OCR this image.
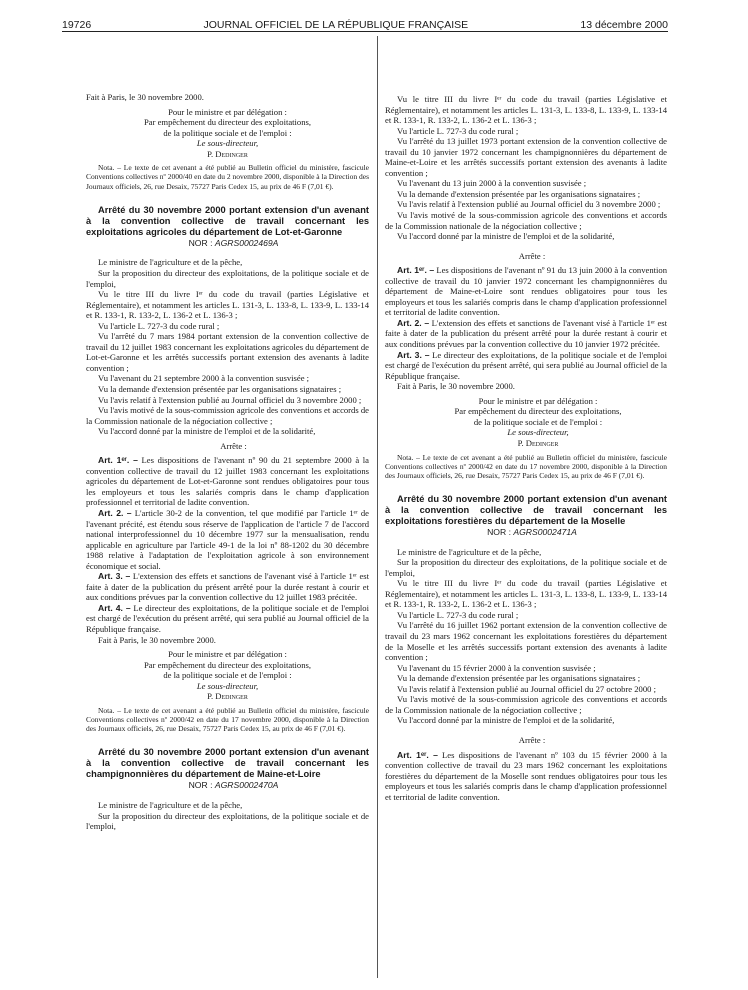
19726	JOURNAL OFFICIEL DE LA RÉPUBLIQUE FRANÇAISE	13 décembre 2000

Fait à Paris, le 30 novembre 2000.

Pour le ministre et par délégation :

Par empêchement du directeur des exploitations,

de la politique sociale et de l'emploi :

Le sous-directeur,

P. Dedinger

Nota. – Le texte de cet avenant a été publié au Bulletin officiel du ministère, fascicule Conventions collectives nº 2000/40 en date du 2 novembre 2000, disponible à la Direction des Journaux officiels, 26, rue Desaix, 75727 Paris Cedex 15, au prix de 46 F (7,01 €).

Arrêté du 30 novembre 2000 portant extension d'un avenant à la convention collective de travail concernant les exploitations agricoles du département de Lot-et-Garonne

NOR : AGRS0002469A

Le ministre de l'agriculture et de la pêche,

Sur la proposition du directeur des exploitations, de la politique sociale et de l'emploi,

Vu le titre III du livre Iᵉʳ du code du travail (parties Législative et Réglementaire), et notamment les articles L. 131-3, L. 133-8, L. 133-9, L. 133-14 et R. 133-1, R. 133-2, L. 136-2 et L. 136-3 ;

Vu l'article L. 727-3 du code rural ;

Vu l'arrêté du 7 mars 1984 portant extension de la convention collective de travail du 12 juillet 1983 concernant les exploitations agricoles du département de Lot-et-Garonne et les arrêtés successifs portant extension des avenants à ladite convention ;

Vu l'avenant du 21 septembre 2000 à la convention susvisée ;

Vu la demande d'extension présentée par les organisations signataires ;

Vu l'avis relatif à l'extension publié au Journal officiel du 3 novembre 2000 ;

Vu l'avis motivé de la sous-commission agricole des conventions et accords de la Commission nationale de la négociation collective ;

Vu l'accord donné par la ministre de l'emploi et de la solidarité,

Arrête :

Art. 1ᵉʳ. – Les dispositions de l'avenant nº 90 du 21 septembre 2000 à la convention collective de travail du 12 juillet 1983 concernant les exploitations agricoles du département de Lot-et-Garonne sont rendues obligatoires pour tous les employeurs et tous les salariés compris dans le champ d'application professionnel et territorial de ladite convention.

Art. 2. – L'article 30-2 de la convention, tel que modifié par l'article 1ᵉʳ de l'avenant précité, est étendu sous réserve de l'application de l'article 7 de l'accord national interprofessionnel du 10 décembre 1977 sur la mensualisation, rendu applicable en agriculture par l'article 49-1 de la loi nº 88-1202 du 30 décembre 1988 relative à l'adaptation de l'exploitation agricole à son environnement économique et social.

Art. 3. – L'extension des effets et sanctions de l'avenant visé à l'article 1ᵉʳ est faite à dater de la publication du présent arrêté pour la durée restant à courir et aux conditions prévues par la convention collective du 12 juillet 1983 précitée.

Art. 4. – Le directeur des exploitations, de la politique sociale et de l'emploi est chargé de l'exécution du présent arrêté, qui sera publié au Journal officiel de la République française.

Fait à Paris, le 30 novembre 2000.

Pour le ministre et par délégation :

Par empêchement du directeur des exploitations,

de la politique sociale et de l'emploi :

Le sous-directeur,

P. Dedinger

Nota. – Le texte de cet avenant a été publié au Bulletin officiel du ministère, fascicule Conventions collectives nº 2000/42 en date du 17 novembre 2000, disponible à la Direction des Journaux officiels, 26, rue Desaix, 75727 Paris Cedex 15, au prix de 46 F (7,01 €).

Arrêté du 30 novembre 2000 portant extension d'un avenant à la convention collective de travail concernant les champignonnières du département de Maine-et-Loire

NOR : AGRS0002470A

Le ministre de l'agriculture et de la pêche,

Sur la proposition du directeur des exploitations, de la politique sociale et de l'emploi,

Vu le titre III du livre Iᵉʳ du code du travail (parties Législative et Réglementaire), et notamment les articles L. 131-3, L. 133-8, L. 133-9, L. 133-14 et R. 133-1, R. 133-2, L. 136-2 et L. 136-3 ;

Vu l'article L. 727-3 du code rural ;

Vu l'arrêté du 13 juillet 1973 portant extension de la convention collective de travail du 10 janvier 1972 concernant les champignonnières du département de Maine-et-Loire et les arrêtés successifs portant extension des avenants à ladite convention ;

Vu l'avenant du 13 juin 2000 à la convention susvisée ;

Vu la demande d'extension présentée par les organisations signataires ;

Vu l'avis relatif à l'extension publié au Journal officiel du 3 novembre 2000 ;

Vu l'avis motivé de la sous-commission agricole des conventions et accords de la Commission nationale de la négociation collective ;

Vu l'accord donné par la ministre de l'emploi et de la solidarité,

Arrête :

Art. 1ᵉʳ. – Les dispositions de l'avenant nº 91 du 13 juin 2000 à la convention collective de travail du 10 janvier 1972 concernant les champignonnières du département de Maine-et-Loire sont rendues obligatoires pour tous les employeurs et tous les salariés compris dans le champ d'application professionnel et territorial de ladite convention.

Art. 2. – L'extension des effets et sanctions de l'avenant visé à l'article 1ᵉʳ est faite à dater de la publication du présent arrêté pour la durée restant à courir et aux conditions prévues par la convention collective du 10 janvier 1972 précitée.

Art. 3. – Le directeur des exploitations, de la politique sociale et de l'emploi est chargé de l'exécution du présent arrêté, qui sera publié au Journal officiel de la République française.

Fait à Paris, le 30 novembre 2000.

Pour le ministre et par délégation :

Par empêchement du directeur des exploitations,

de la politique sociale et de l'emploi :

Le sous-directeur,

P. Dedinger

Nota. – Le texte de cet avenant a été publié au Bulletin officiel du ministère, fascicule Conventions collectives nº 2000/42 en date du 17 novembre 2000, disponible à la Direction des Journaux officiels, 26, rue Desaix, 75727 Paris Cedex 15, au prix de 46 F (7,01 €).

Arrêté du 30 novembre 2000 portant extension d'un avenant à la convention collective de travail concernant les exploitations forestières du département de la Moselle

NOR : AGRS0002471A

Le ministre de l'agriculture et de la pêche,

Sur la proposition du directeur des exploitations, de la politique sociale et de l'emploi,

Vu le titre III du livre Iᵉʳ du code du travail (parties Législative et Réglementaire), et notamment les articles L. 131-3, L. 133-8, L. 133-9, L. 133-14 et R. 133-1, R. 133-2, L. 136-2 et L. 136-3 ;

Vu l'article L. 727-3 du code rural ;

Vu l'arrêté du 16 juillet 1962 portant extension de la convention collective de travail du 23 mars 1962 concernant les exploitations forestières du département de la Moselle et les arrêtés successifs portant extension des avenants à ladite convention ;

Vu l'avenant du 15 février 2000 à la convention susvisée ;

Vu la demande d'extension présentée par les organisations signataires ;

Vu l'avis relatif à l'extension publié au Journal officiel du 27 octobre 2000 ;

Vu l'avis motivé de la sous-commission agricole des conventions et accords de la Commission nationale de la négociation collective ;

Vu l'accord donné par la ministre de l'emploi et de la solidarité,

Arrête :

Art. 1ᵉʳ. – Les dispositions de l'avenant nº 103 du 15 février 2000 à la convention collective de travail du 23 mars 1962 concernant les exploitations forestières du département de la Moselle sont rendues obligatoires pour tous les employeurs et tous les salariés compris dans le champ d'application professionnel et territorial de ladite convention.
